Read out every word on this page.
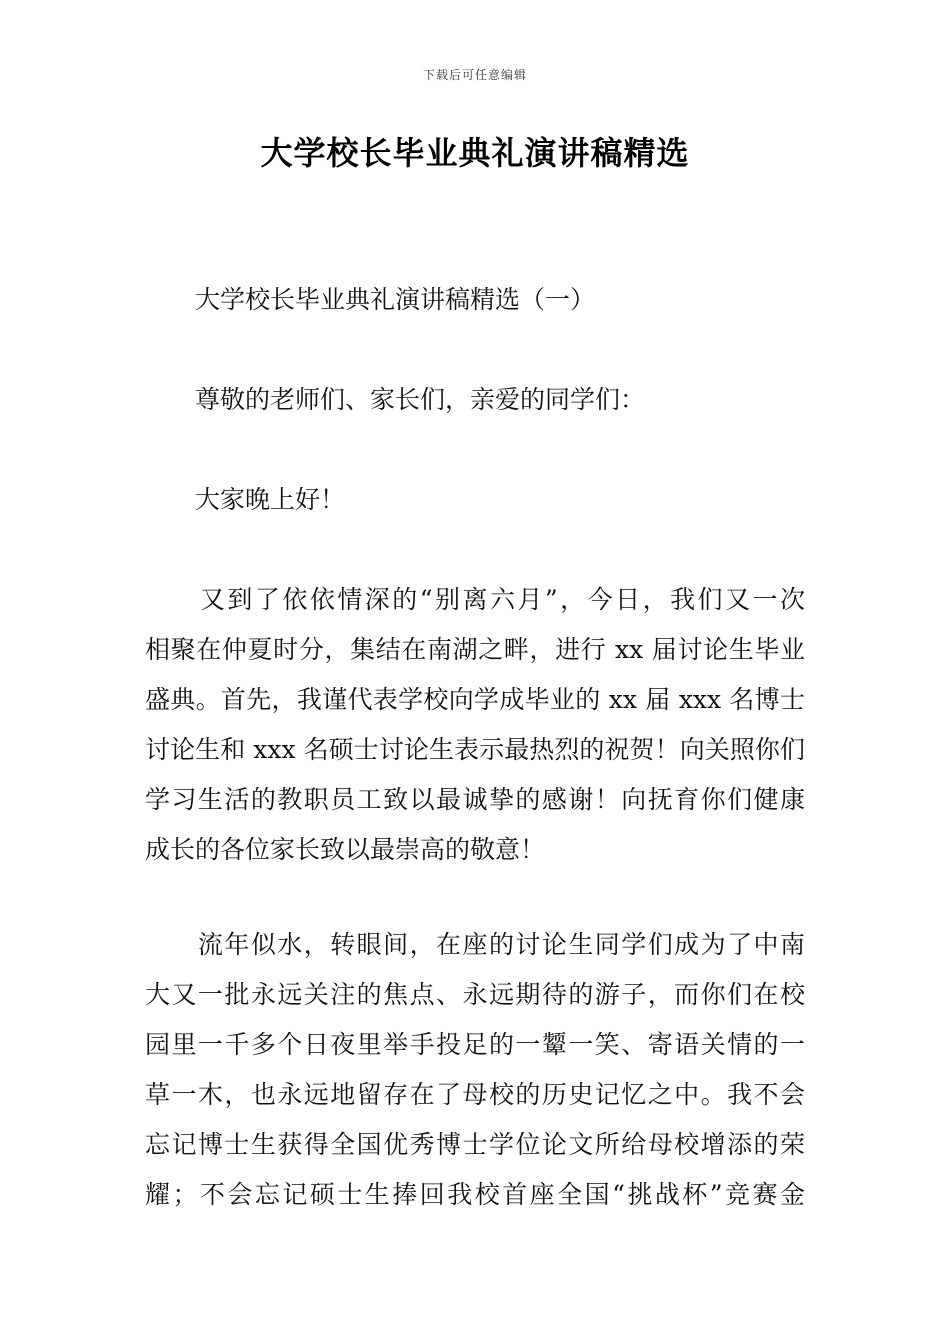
下载后可任意编辑
大学校长毕业典礼演讲稿精选
大学校长毕业典礼演讲稿精选（一）
尊敬的老师们、家长们，亲爱的同学们：
大家晚上好！
　　又到了依依情深的“别离六月”，今日，我们又一次
相聚在仲夏时分，集结在南湖之畔，进行 xx 届讨论生毕业
盛典。首先，我谨代表学校向学成毕业的 xx 届 xxx 名博士
讨论生和 xxx 名硕士讨论生表示最热烈的祝贺！向关照你们
学习生活的教职员工致以最诚挚的感谢！向抚育你们健康
成长的各位家长致以最崇高的敬意！
　　流年似水，转眼间，在座的讨论生同学们成为了中南
大又一批永远关注的焦点、永远期待的游子，而你们在校
园里一千多个日夜里举手投足的一颦一笑、寄语关情的一
草一木，也永远地留存在了母校的历史记忆之中。我不会
忘记博士生获得全国优秀博士学位论文所给母校增添的荣
耀；不会忘记硕士生捧回我校首座全国“挑战杯”竞赛金
